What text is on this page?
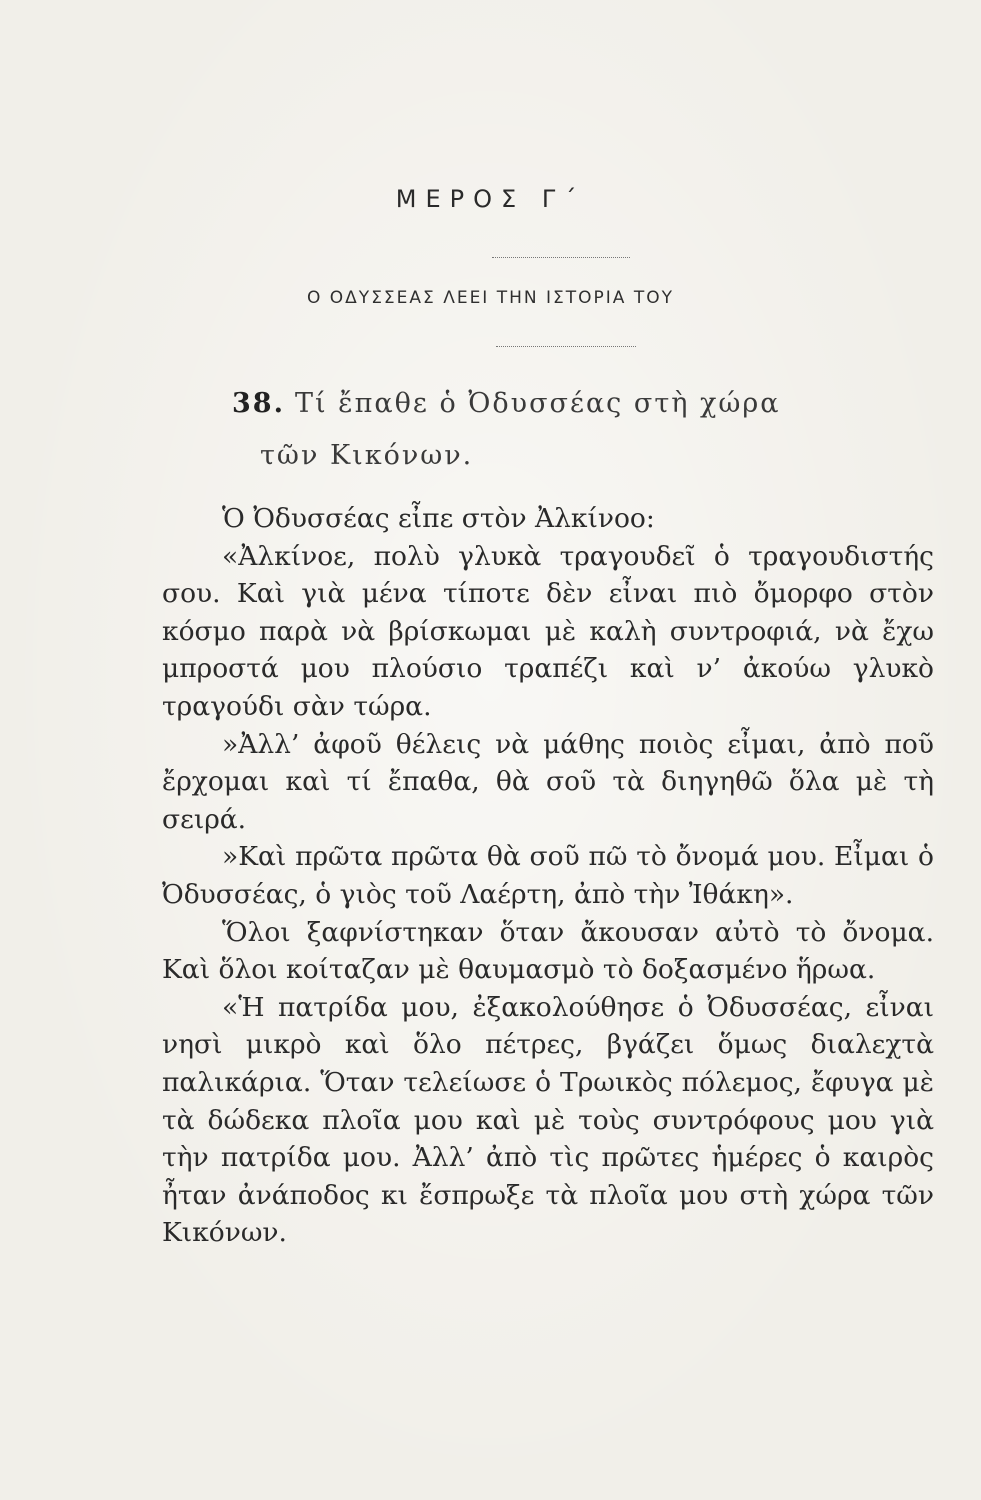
ΜΕΡΟΣ Γ΄
Ο ΟΔΥΣΣΕΑΣ ΛΕΕΙ ΤΗΝ ΙΣΤΟΡΙΑ ΤΟΥ
38. Τί ἔπαθε ὁ Ὀδυσσέας στὴ χώρα
τῶν Κικόνων.

Ὁ Ὀδυσσέας εἶπε στὸν Ἀλκίνοο:

«Ἀλκίνοε, πολὺ γλυκὰ τραγουδεῖ ὁ τραγουδιστής σου. Καὶ γιὰ μένα τίποτε δὲν εἶναι πιὸ ὄμορφο στὸν κόσμο παρὰ νὰ βρίσκωμαι μὲ καλὴ συντροφιά, νὰ ἔχω μπροστά μου πλούσιο τραπέζι καὶ ν’ ἀκούω γλυκὸ τραγούδι σὰν τώρα.

»Ἀλλ’ ἀφοῦ θέλεις νὰ μάθης ποιὸς εἶμαι, ἀπὸ ποῦ ἔρχομαι καὶ τί ἔπαθα, θὰ σοῦ τὰ διηγηθῶ ὅλα μὲ τὴ σειρά.

»Καὶ πρῶτα πρῶτα θὰ σοῦ πῶ τὸ ὄνομά μου. Εἶμαι ὁ Ὀδυσσέας, ὁ γιὸς τοῦ Λαέρτη, ἀπὸ τὴν Ἰθάκη».

Ὅλοι ξαφνίστηκαν ὅταν ἄκουσαν αὐτὸ τὸ ὄνομα. Καὶ ὅλοι κοίταζαν μὲ θαυμασμὸ τὸ δοξασμένο ἥρωα.

«Ἡ πατρίδα μου, ἐξακολούθησε ὁ Ὀδυσσέας, εἶναι νησὶ μικρὸ καὶ ὅλο πέτρες, βγάζει ὅμως διαλεχτὰ παλικάρια. Ὅταν τελείωσε ὁ Τρωικὸς πόλεμος, ἔφυγα μὲ τὰ δώδεκα πλοῖα μου καὶ μὲ τοὺς συντρόφους μου γιὰ τὴν πατρίδα μου. Ἀλλ’ ἀπὸ τὶς πρῶτες ἡμέρες ὁ καιρὸς ἦταν ἀνάποδος κι ἔσπρωξε τὰ πλοῖα μου στὴ χώρα τῶν Κικόνων.
